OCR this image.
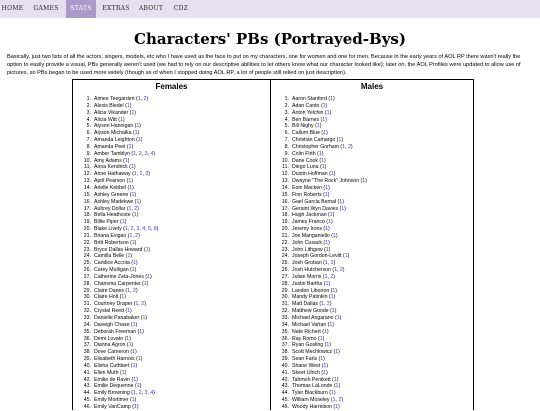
HOME	GAMES	STATS	EXTRAS	ABOUT	CDZ
Characters' PBs (Portrayed-Bys)
Basically, just two lists of all the actors, singers, models, etc who I have used as the face to put on my characters, one for women and one for men. Because in the early years of AOL RP there wasn't really the option to easily provide a visual, PBs generally weren't used (we had to rely on our descriptive abilities to let others know what our character looked like); later on, the AOL Profiles were updated to allow use of pictures, so PBs began to be used more widely (though as of when I stopped doing AOL RP, a lot of people still relied on just description).
Females
1. Aimee Teegarden (1, 2)
2. Alexis Bledel (1)
3. Alicia Vikander (1)
4. Alicia Witt (1)
5. Alyson Hannigan (1)
6. Alyson Michalka (1)
7. Amanda Leighton (1)
8. Amanda Peet (1)
9. Amber Tamblyn (1, 2, 3, 4)
10. Amy Adams (1)
11. Anna Kendrick (1)
12. Anne Hathaway (1, 2, 3)
13. April Pearson (1)
14. Arielle Kebbel (1)
15. Ashley Greene (1)
16. Ashley Madekwe (1)
17. Aubrey Dollar (1, 2)
18. Bella Heathcote (1)
19. Billie Piper (1)
20. Blake Lively (1, 2, 3, 4, 5, 6)
21. Briana Evigan (1, 2)
22. Britt Robertson (1)
23. Bryce Dallas Howard (1)
24. Camilla Belle (1)
25. Candice Accola (1)
26. Carey Mulligan (1)
27. Catherine Zeta-Jones (1)
28. Charisma Carpenter (1)
29. Claire Danes (1, 2)
30. Claire Holt (1)
31. Courtney Draper (1, 2)
32. Crystal Reed (1)
33. Danielle Panabaker (1)
34. Daveigh Chase (1)
35. Deborah Freeman (1)
36. Demi Lovato (1)
37. Dianna Agron (1)
38. Dove Cameron (1)
39. Elisabeth Harnois (1)
40. Elisha Cuthbert (1)
41. Ellen Muth (1)
42. Emilie de Ravin (1)
43. Emilie Dequenne (1)
44. Emily Browning (1, 2, 3, 4)
45. Emily Mortimer (1)
46. Emily VanCamp (1)
Males
1. Aaron Stanford (1)
2. Adan Canto (1)
3. Anton Yelchin (1)
4. Ben Barnes (1)
5. Bill Nighy (1)
6. Callum Blue (1)
7. Christian Camargo (1)
8. Christopher Gorham (1, 2)
9. Colin Firth (1)
10. Dane Cook (1)
11. Diego Luna (1)
12. Dustin Hoffman (1)
13. Dwayne "The Rock" Johnson (1)
14. Eoin Macken (1)
15. Finn Roberts (1)
16. Gael Garcia Bernal (1)
17. Geraint Wyn Davies (1)
18. Hugh Jackman (1)
19. James Franco (1)
20. Jeremy Irons (1)
21. Joe Manganiello (1)
22. John Cusack (1)
23. John Lithgow (1)
24. Joseph Gordon-Levitt (1)
25. Josh Groban (1, 2)
26. Josh Hutcherson (1, 2)
27. Julian Morris (1, 2)
28. Justin Bartha (1)
29. Landon Liboiron (1)
30. Mandy Patinkin (1)
31. Matt Dallas (1, 2)
32. Matthew Goode (1)
33. Michael Angarano (1)
34. Michael Vartan (1)
35. Nate Richert (1)
36. Ray Romo (1)
37. Ryan Gosling (1)
38. Scott Mechlowicz (1)
39. Sean Faris (1)
40. Shane West (1)
41. Skeet Ulrich (1)
42. Tahmoh Penikett (1)
43. Thomas LaLonde (1)
44. Tyler Blackburn (1)
45. William Moseley (1, 2)
46. Woody Harrelson (1)
